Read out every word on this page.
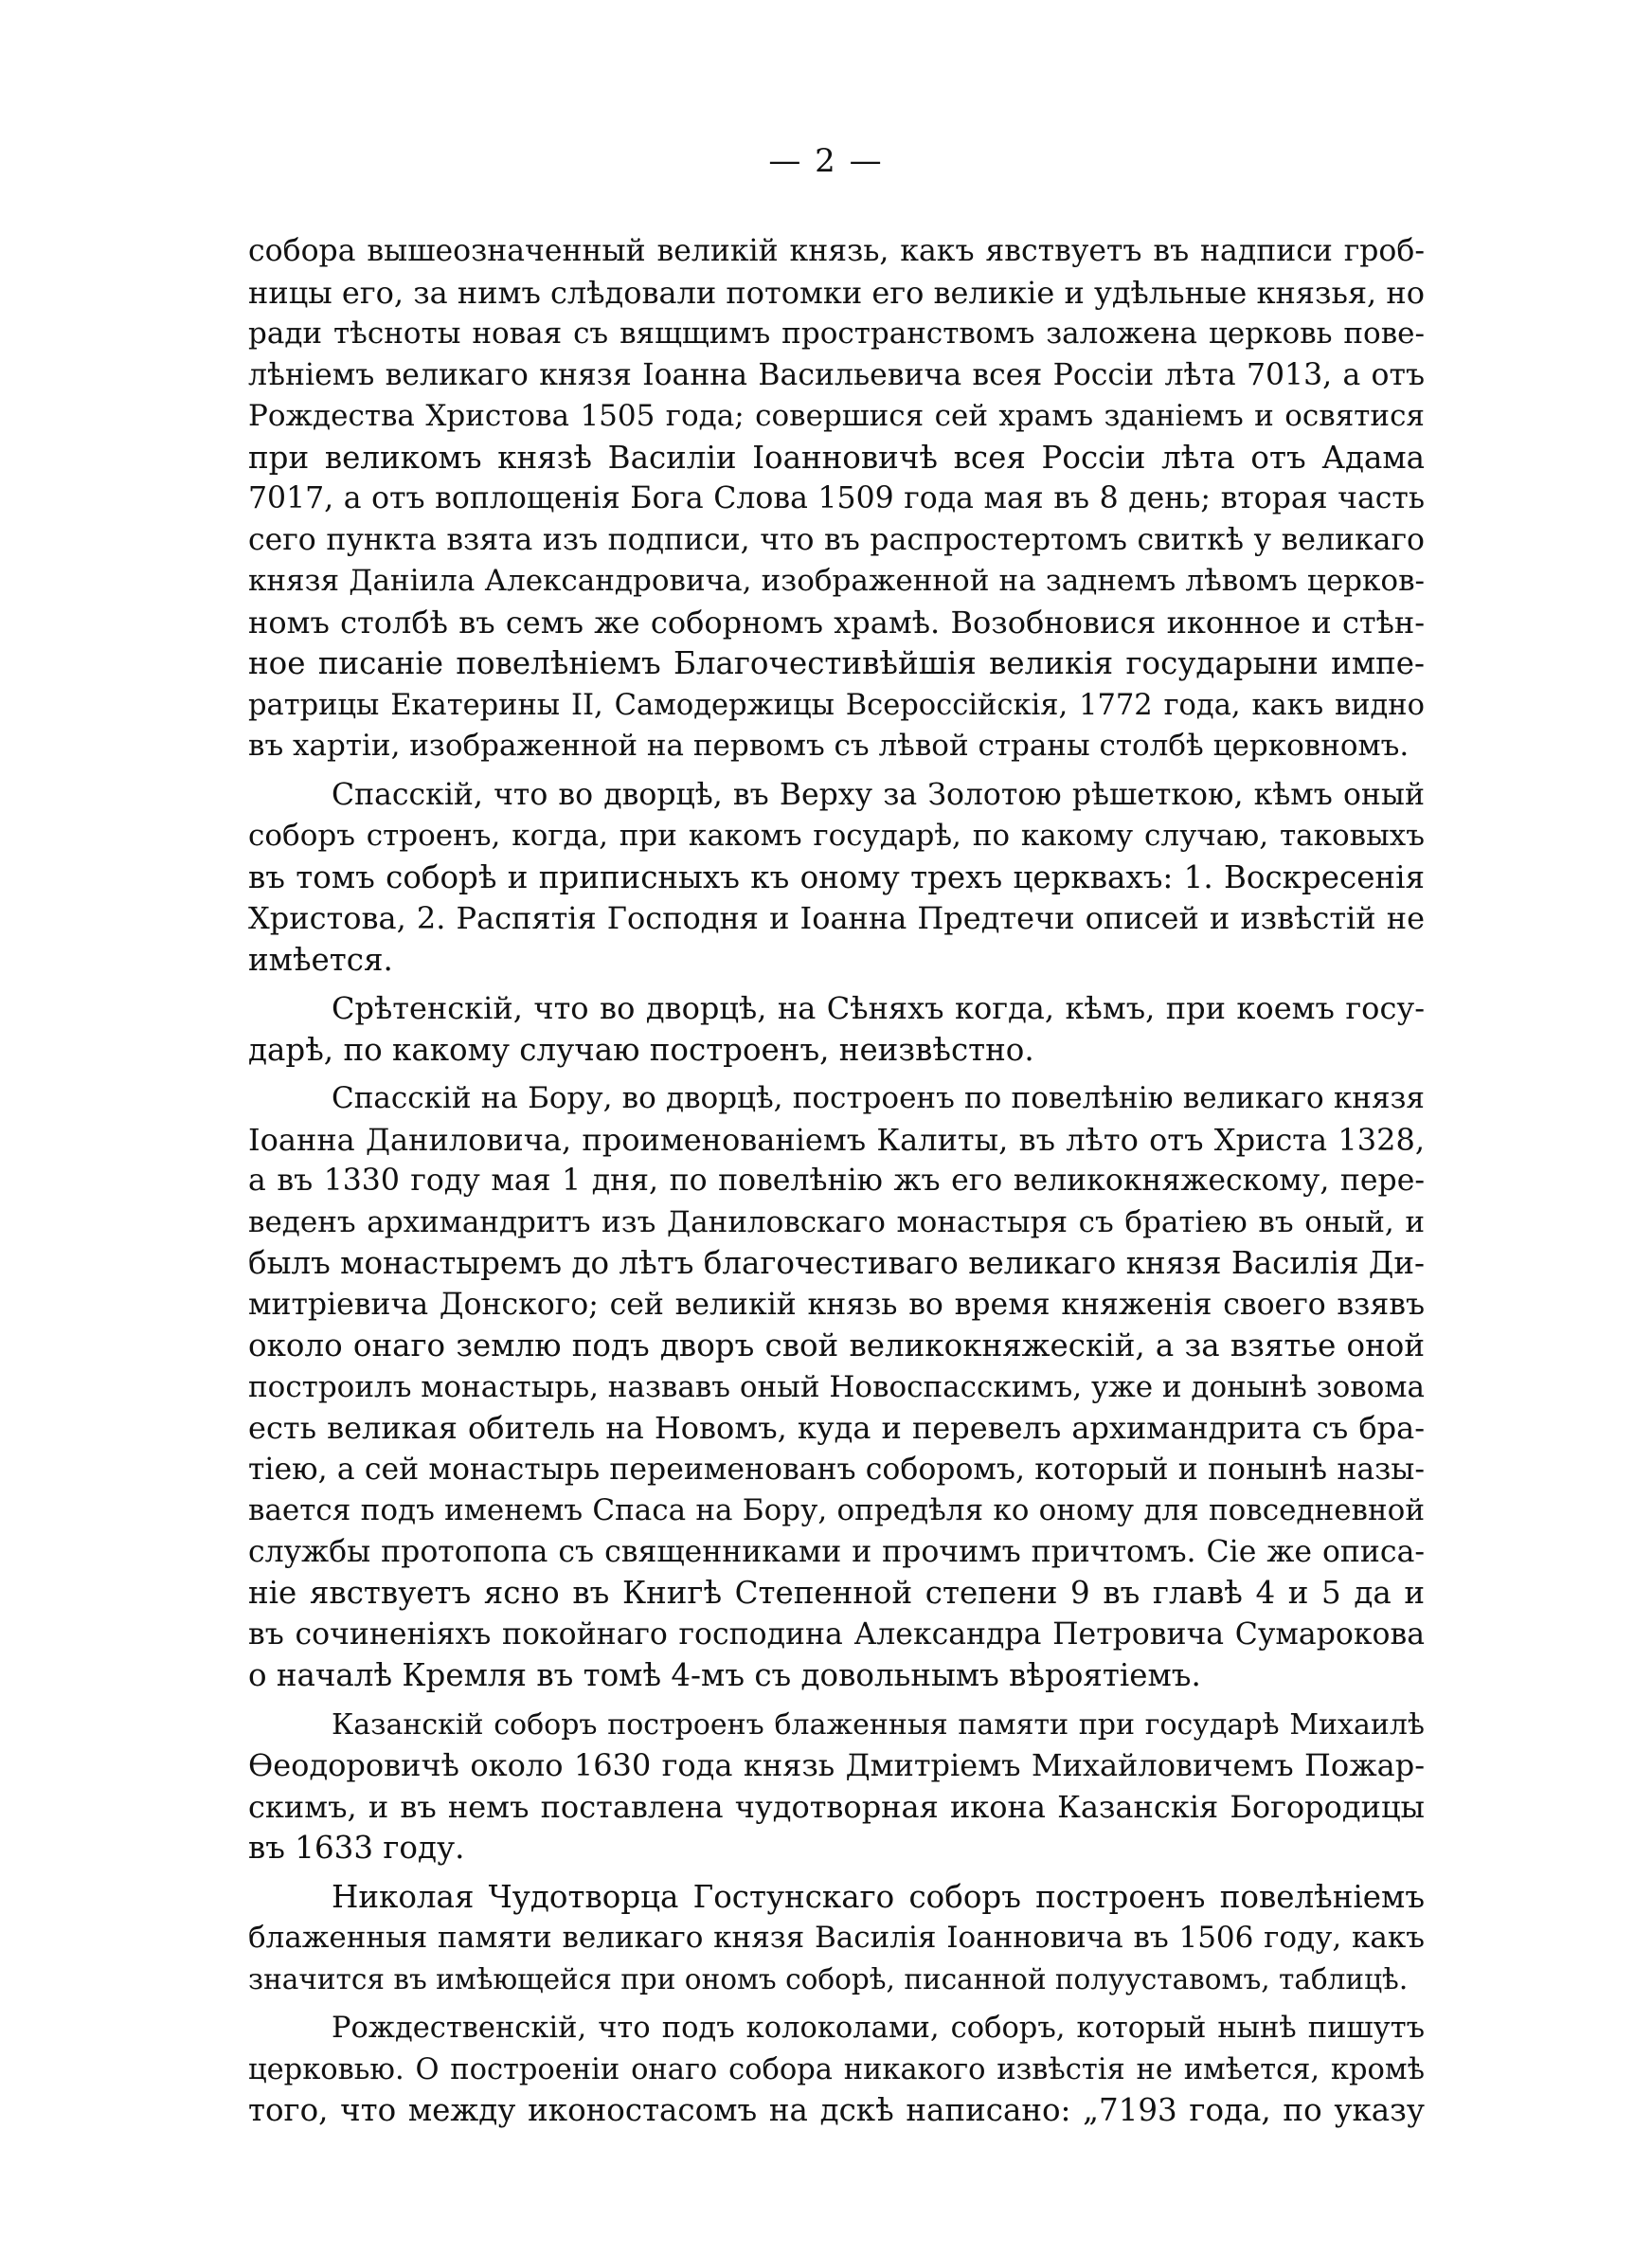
— 2 —
собора вышеозначенный великій князь, какъ явствуетъ въ надписи гроб-
ницы его, за нимъ слѣдовали потомки его великіе и удѣльные князья, но
ради тѣсноты новая съ вящщимъ пространствомъ заложена церковь пове-
лѣніемъ великаго князя Іоанна Васильевича всея Россіи лѣта 7013, а отъ
Рождества Христова 1505 года; совершися сей храмъ зданіемъ и освятися
при великомъ князѣ Василіи Іоанновичѣ всея Россіи лѣта отъ Адама
7017, а отъ воплощенія Бога Слова 1509 года мая въ 8 день; вторая часть
сего пункта взята изъ подписи, что въ распростертомъ свиткѣ у великаго
князя Даніила Александровича, изображенной на заднемъ лѣвомъ церков-
номъ столбѣ въ семъ же соборномъ храмѣ. Возобновися иконное и стѣн-
ное писаніе повелѣніемъ Благочестивѣйшія великія государыни импе-
ратрицы Екатерины II, Самодержицы Всероссійскія, 1772 года, какъ видно
въ хартіи, изображенной на первомъ съ лѣвой страны столбѣ церковномъ.
Спасскій, что во дворцѣ, въ Верху за Золотою рѣшеткою, кѣмъ оный
соборъ строенъ, когда, при какомъ государѣ, по какому случаю, таковыхъ
въ томъ соборѣ и приписныхъ къ оному трехъ церквахъ: 1. Воскресенія
Христова, 2. Распятія Господня и Іоанна Предтечи описей и извѣстій не
имѣется.
Срѣтенскій, что во дворцѣ, на Сѣняхъ когда, кѣмъ, при коемъ госу-
дарѣ, по какому случаю построенъ, неизвѣстно.
Спасскій на Бору, во дворцѣ, построенъ по повелѣнію великаго князя
Іоанна Даниловича, проименованіемъ Калиты, въ лѣто отъ Христа 1328,
а въ 1330 году мая 1 дня, по повелѣнію жъ его великокняжескому, пере-
веденъ архимандритъ изъ Даниловскаго монастыря съ братіею въ оный, и
былъ монастыремъ до лѣтъ благочестиваго великаго князя Василія Ди-
митріевича Донского; сей великій князь во время княженія своего взявъ
около онаго землю подъ дворъ свой великокняжескій, а за взятье оной
построилъ монастырь, назвавъ оный Новоспасскимъ, уже и донынѣ зовома
есть великая обитель на Новомъ, куда и перевелъ архимандрита съ бра-
тіею, а сей монастырь переименованъ соборомъ, который и понынѣ назы-
вается подъ именемъ Спаса на Бору, опредѣля ко оному для повседневной
службы протопопа съ священниками и прочимъ причтомъ. Сіе же описа-
ніе явствуетъ ясно въ Книгѣ Степенной степени 9 въ главѣ 4 и 5 да и
въ сочиненіяхъ покойнаго господина Александра Петровича Сумарокова
о началѣ Кремля въ томѣ 4-мъ съ довольнымъ вѣроятіемъ.
Казанскій соборъ построенъ блаженныя памяти при государѣ Михаилѣ
Ѳеодоровичѣ около 1630 года князь Дмитріемъ Михайловичемъ Пожар-
скимъ, и въ немъ поставлена чудотворная икона Казанскія Богородицы
въ 1633 году.
Николая Чудотворца Гостунскаго соборъ построенъ повелѣніемъ
блаженныя памяти великаго князя Василія Іоанновича въ 1506 году, какъ
значится въ имѣющейся при ономъ соборѣ, писанной полууставомъ, таблицѣ.
Рождественскій, что подъ колоколами, соборъ, который нынѣ пишутъ
церковью. О построеніи онаго собора никакого извѣстія не имѣется, кромѣ
того, что между иконостасомъ на дскѣ написано: „7193 года, по указу
